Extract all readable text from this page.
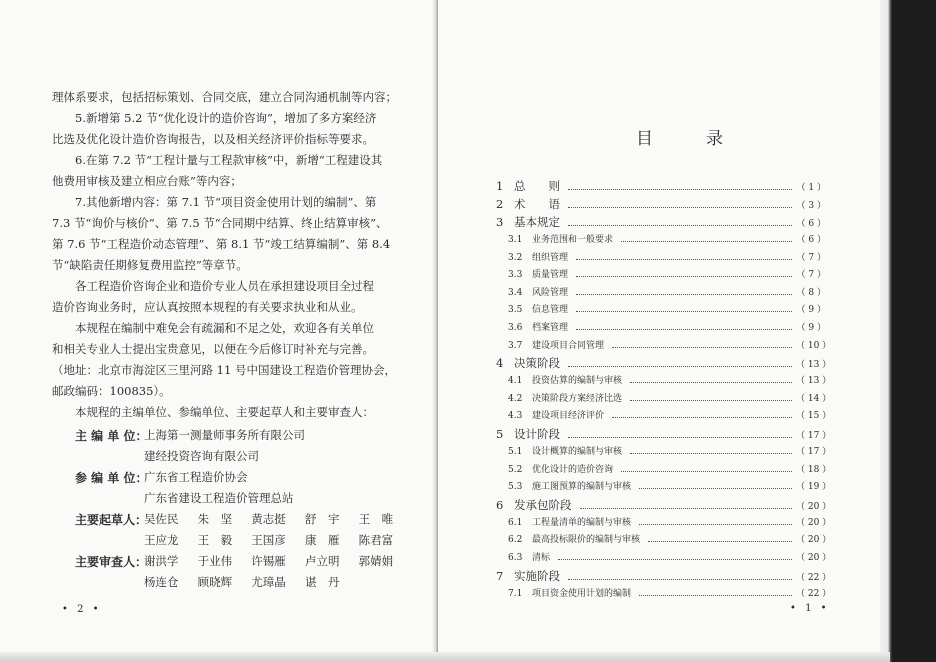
理体系要求，包括招标策划、合同交底，建立合同沟通机制等内容；

5.新增第 5.2 节“优化设计的造价咨询”，增加了多方案经济

比选及优化设计造价咨询报告，以及相关经济评价指标等要求。

6.在第 7.2 节“工程计量与工程款审核”中，新增“工程建设其

他费用审核及建立相应台账”等内容；

7.其他新增内容：第 7.1 节“项目资金使用计划的编制”、第

7.3 节“询价与核价”、第 7.5 节“合同期中结算、终止结算审核”、

第 7.6 节“工程造价动态管理”、第 8.1 节“竣工结算编制”、第 8.4

节“缺陷责任期修复费用监控”等章节。

各工程造价咨询企业和造价专业人员在承担建设项目全过程

造价咨询业务时，应认真按照本规程的有关要求执业和从业。

本规程在编制中难免会有疏漏和不足之处，欢迎各有关单位

和相关专业人士提出宝贵意见，以便在今后修订时补充与完善。

（地址：北京市海淀区三里河路 11 号中国建设工程造价管理协会，

邮政编码：100835）。

本规程的主编单位、参编单位、主要起草人和主要审查人：

主 编 单 位：
上海第一测量师事务所有限公司
建经投资咨询有限公司
参 编 单 位：
广东省工程造价协会
广东省建设工程造价管理总站
主要起草人：
吴佐民　 朱　坚　 黄志挺　 舒　宇　 王　唯
王应龙　 王　毅　 王国彦　 康　雁　 陈君富
主要审查人：
谢洪学　 于业伟　 许锡雁　 卢立明　 郭婧娟
杨连仓　 顾晓辉　 尤璋晶　 谌　丹
• 2 •	• 1 •
目　录
1 总　　则	（ 1 ）
2 术　　语	（ 3 ）
3 基本规定	（ 6 ）
3.1	业务范围和一般要求	（ 6 ）
3.2	组织管理	（ 7 ）
3.3	质量管理	（ 7 ）
3.4	风险管理	（ 8 ）
3.5	信息管理	（ 9 ）
3.6	档案管理	（ 9 ）
3.7	建设项目合同管理	（ 10 ）
4 决策阶段	（ 13 ）
4.1	投资估算的编制与审核	（ 13 ）
4.2	决策阶段方案经济比选	（ 14 ）
4.3	建设项目经济评价	（ 15 ）
5 设计阶段	（ 17 ）
5.1	设计概算的编制与审核	（ 17 ）
5.2	优化设计的造价咨询	（ 18 ）
5.3	施工图预算的编制与审核	（ 19 ）
6 发承包阶段	（ 20 ）
6.1	工程量清单的编制与审核	（ 20 ）
6.2	最高投标限价的编制与审核	（ 20 ）
6.3	清标	（ 20 ）
7 实施阶段	（ 22 ）
7.1	项目资金使用计划的编制	（ 22 ）
